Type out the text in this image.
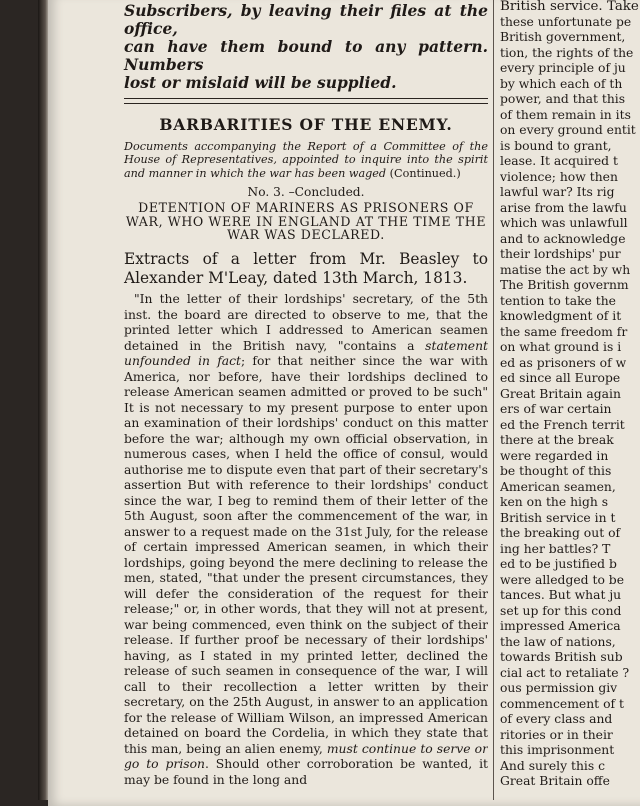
Subscribers, by leaving their files at the office,
can have them bound to any pattern. Numbers
lost or mislaid will be supplied.
BARBARITIES OF THE ENEMY.
Documents accompanying the Report of a Committee of the House of Representatives, appointed to inquire into the spirit and manner in which the war has been waged (Continued.)
No. 3. –Concluded.
DETENTION OF MARINERS AS PRISONERS OF WAR, WHO WERE IN ENGLAND AT THE TIME THE WAR WAS DECLARED.
Extracts of a letter from Mr. Beasley to Alexander M'Leay, dated 13th March, 1813.
"In the letter of their lordships' secretary, of the 5th inst. the board are directed to observe to me, that the printed letter which I addressed to American seamen detained in the British navy, "contains a statement unfounded in fact; for that neither since the war with America, nor before, have their lordships declined to release American seamen admitted or proved to be such" It is not necessary to my present purpose to enter upon an examination of their lordships' conduct on this matter before the war; although my own official observation, in numerous cases, when I held the office of consul, would authorise me to dispute even that part of their secretary's assertion But with reference to their lordships' conduct since the war, I beg to remind them of their letter of the 5th August, soon after the commencement of the war, in answer to a request made on the 31st July, for the release of certain impressed American seamen, in which their lordships, going beyond the mere declining to release the men, stated, "that under the present circumstances, they will defer the consideration of the request for their release;" or, in other words, that they will not at present, war being commenced, even think on the subject of their release. If further proof be necessary of their lordships' having, as I stated in my printed letter, declined the release of such seamen in consequence of the war, I will call to their recollection a letter written by their secretary, on the 25th August, in answer to an application for the release of William Wilson, an impressed American detained on board the Cordelia, in which they state that this man, being an alien enemy, must continue to serve or go to prison. Should other corroboration be wanted, it may be found in the long and
British service. Take
these unfortunate pe
British government,
tion, the rights of the
every principle of ju
by which each of th
power, and that this
of them remain in its
on every ground entit
is bound to grant,
lease. It acquired t
violence; how then
lawful war? Its rig
arise from the lawfu
which was unlawfull
and to acknowledge
their lordships' pur
matise the act by wh
The British governm
tention to take the
knowledgment of it
the same freedom fr
on what ground is i
ed as prisoners of w
ed since all Europe
Great Britain again
ers of war certain
ed the French territ
there at the break
were regarded in
be thought of this
American seamen,
ken on the high s
British service in t
the breaking out of
ing her battles? T
ed to be justified b
were alledged to be
tances. But what ju
set up for this cond
impressed America
the law of nations,
towards British sub
cial act to retaliate ?
ous permission giv
commencement of t
of every class and
ritories or in their
this imprisonment
And surely this c
Great Britain offe
